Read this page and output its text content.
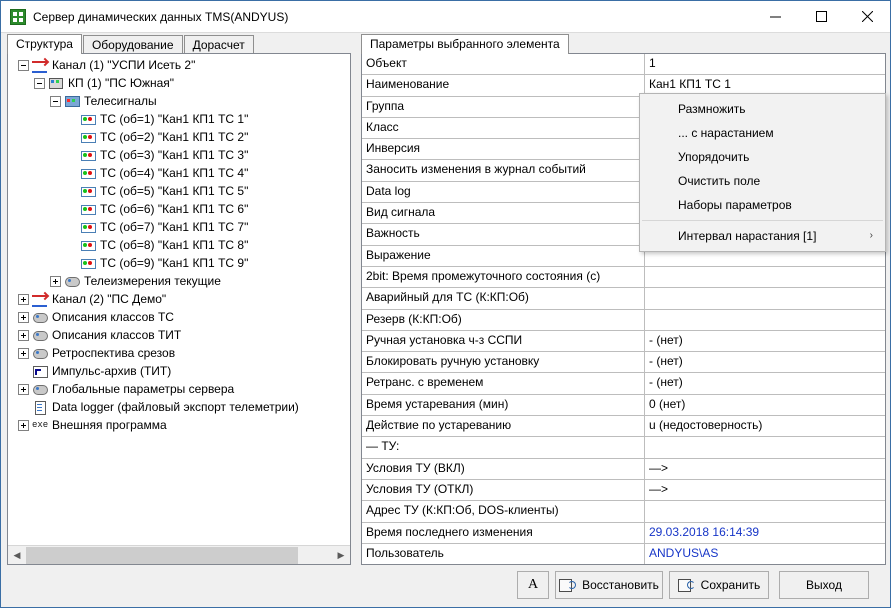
Сервер динамических данных TMS(ANDYUS)
Структура	Оборудование	Дорасчет	Параметры выбранного элемента
Канал (1) "УСПИ Исеть 2"
КП (1) "ПС Южная"
Телесигналы
ТС (об=1) "Кан1 КП1 ТС 1"
ТС (об=2) "Кан1 КП1 ТС 2"
ТС (об=3) "Кан1 КП1 ТС 3"
ТС (об=4) "Кан1 КП1 ТС 4"
ТС (об=5) "Кан1 КП1 ТС 5"
ТС (об=6) "Кан1 КП1 ТС 6"
ТС (об=7) "Кан1 КП1 ТС 7"
ТС (об=8) "Кан1 КП1 ТС 8"
ТС (об=9) "Кан1 КП1 ТС 9"
Телеизмерения текущие
Канал (2) "ПС Демо"
Описания классов ТС
Описания классов ТИТ
Ретроспектива срезов
Импульс-архив (ТИТ)
Глобальные параметры сервера
Data logger (файловый экспорт телеметрии)
exe Внешняя программа
◀	▶
Объект	1
Наименование	Кан1 КП1 ТС 1
Группа
Класс
Инверсия
Заносить изменения в журнал событий
Data log
Вид сигнала
Важность
Выражение
2bit: Время промежуточного состояния (с)
Аварийный для ТС (К:КП:Об)
Резерв (К:КП:Об)
Ручная установка ч-з ССПИ	- (нет)
Блокировать ручную установку	- (нет)
Ретранс. с временем	- (нет)
Время устаревания (мин)	0 (нет)
Действие по устареванию	u (недостоверность)
— ТУ:
Условия ТУ (ВКЛ)	—>
Условия ТУ (ОТКЛ)	—>
Адрес ТУ (К:КП:Об, DOS-клиенты)
Время последнего изменения	29.03.2018 16:14:39
Пользователь	ANDYUS\AS
Размножить
... с нарастанием
Упорядочить
Очистить поле
Наборы параметров
Интервал нарастания [1]	›
A	Восстановить	Сохранить	Выход
